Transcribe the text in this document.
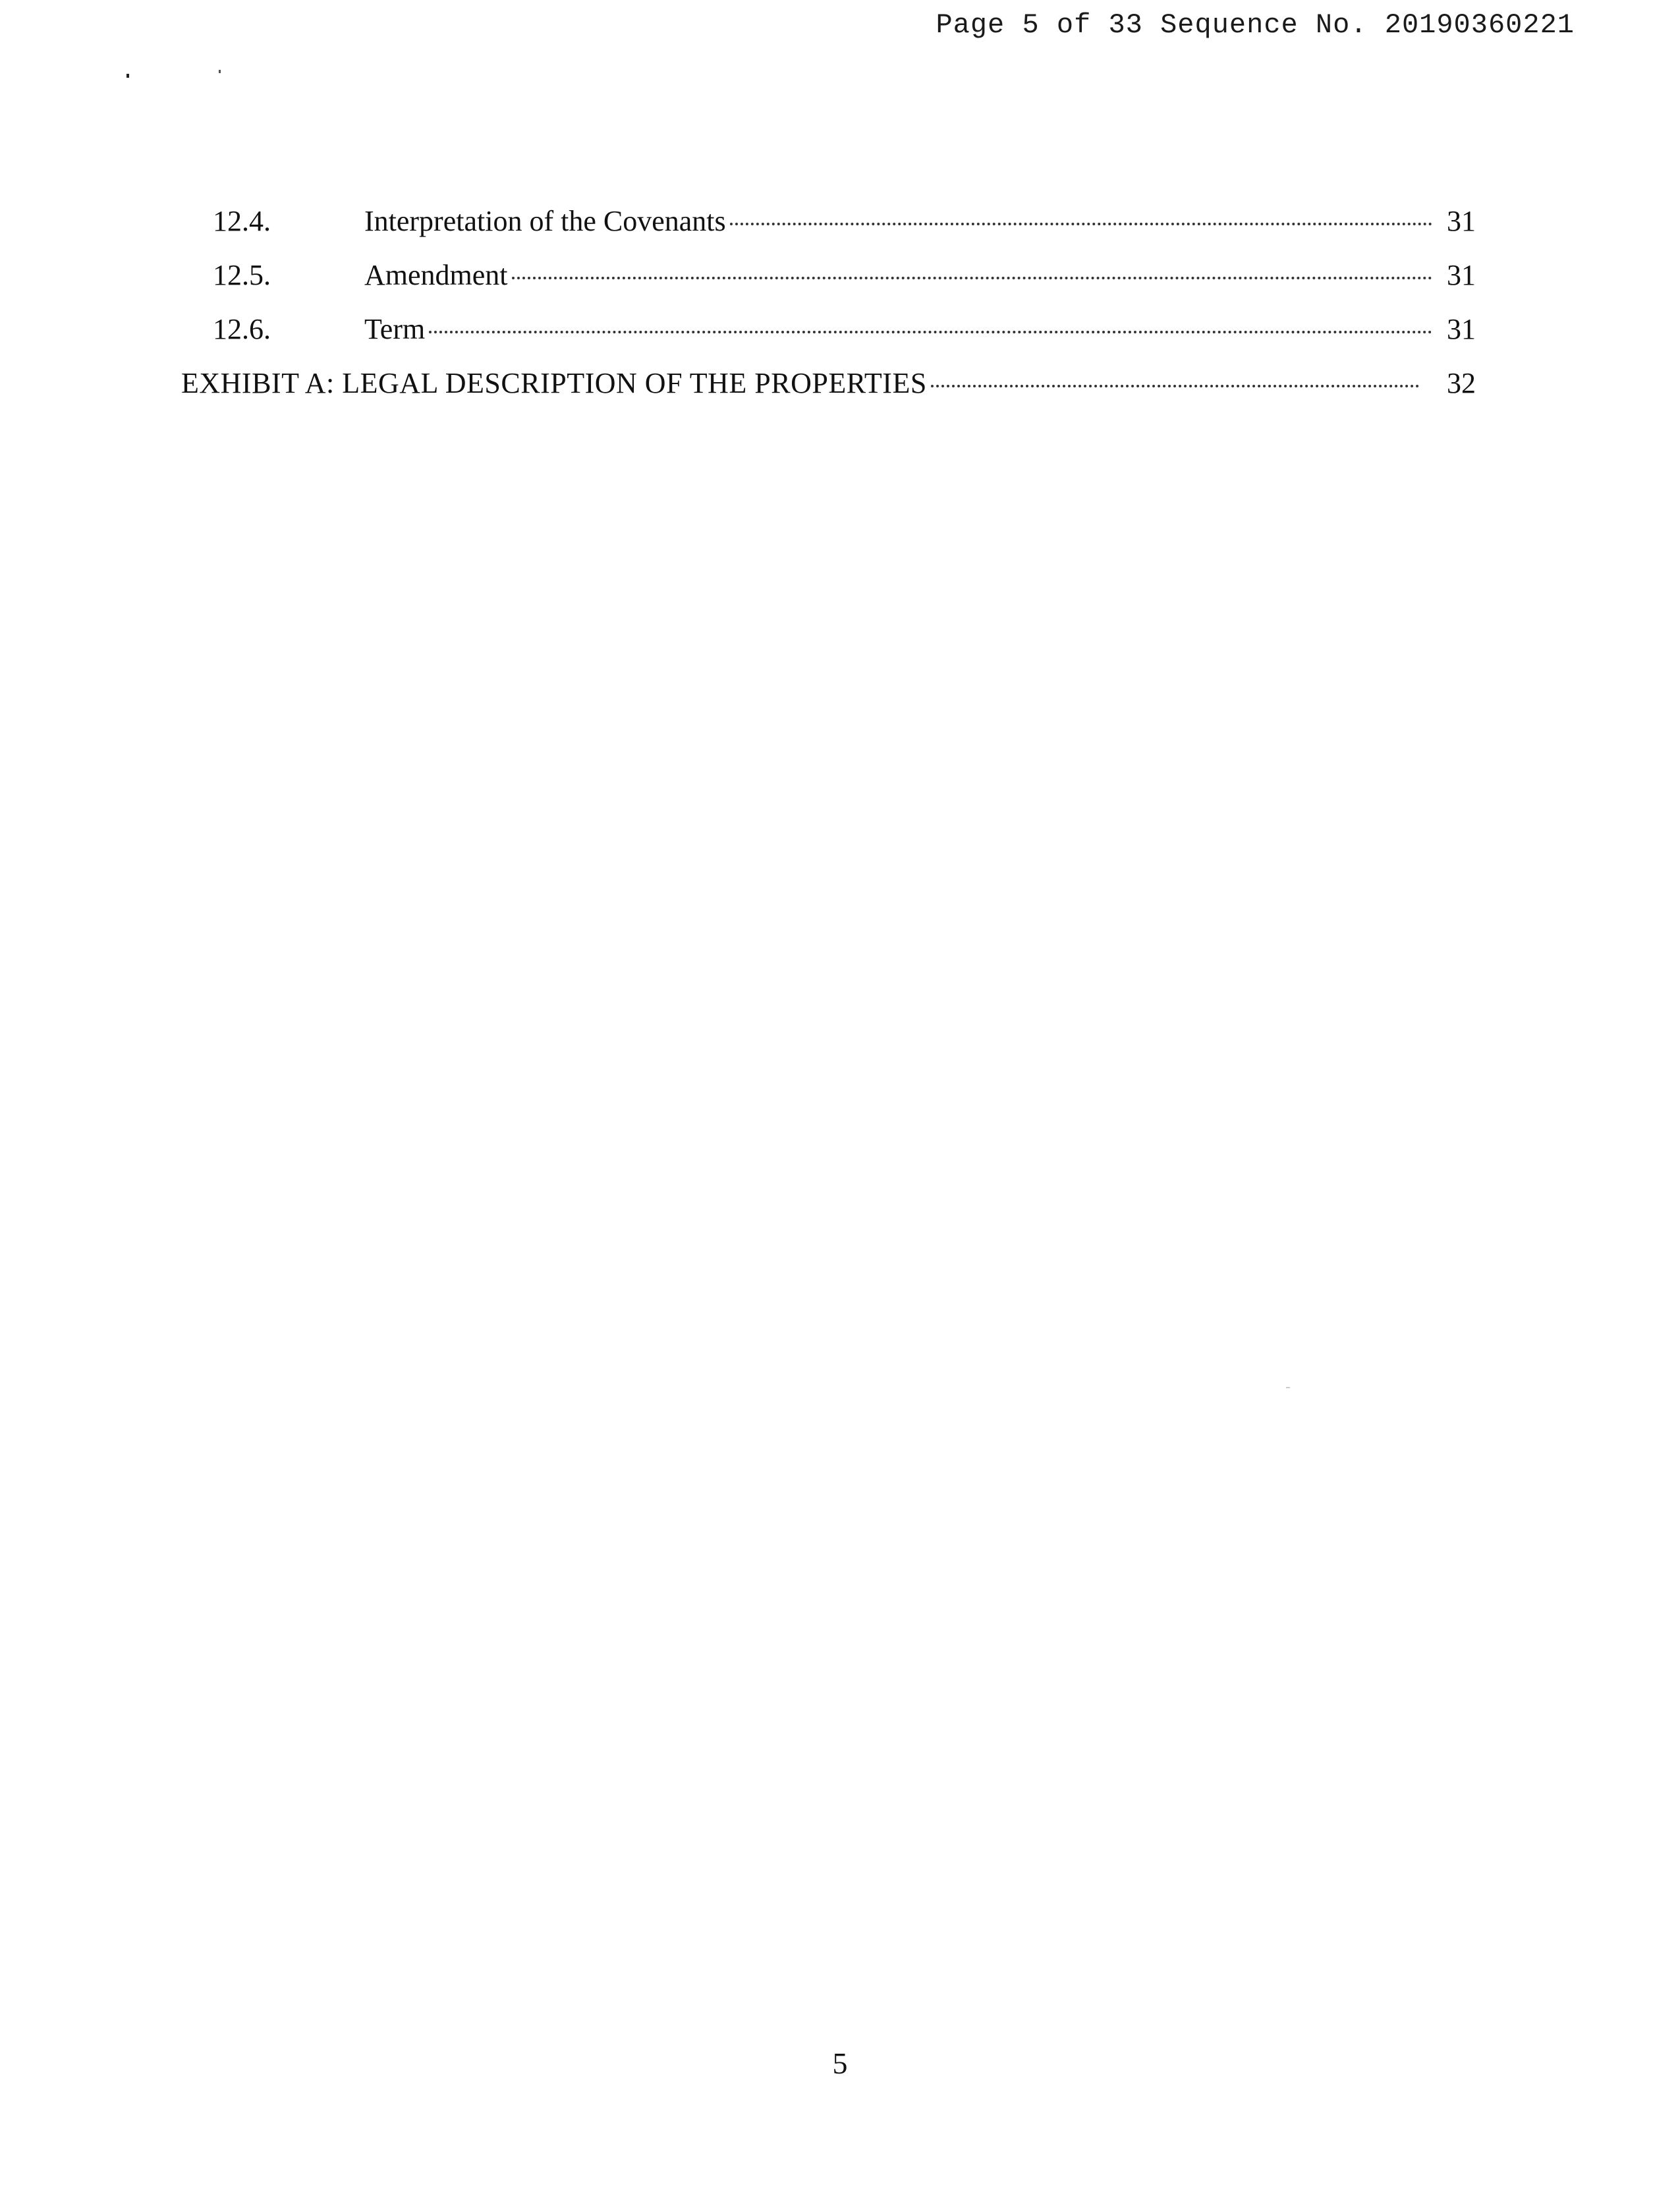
Page 5 of 33 Sequence No. 20190360221
12.4.	Interpretation of the Covenants	31
12.5.	Amendment	31
12.6.	Term	31
EXHIBIT A: LEGAL DESCRIPTION OF THE PROPERTIES	32
5
